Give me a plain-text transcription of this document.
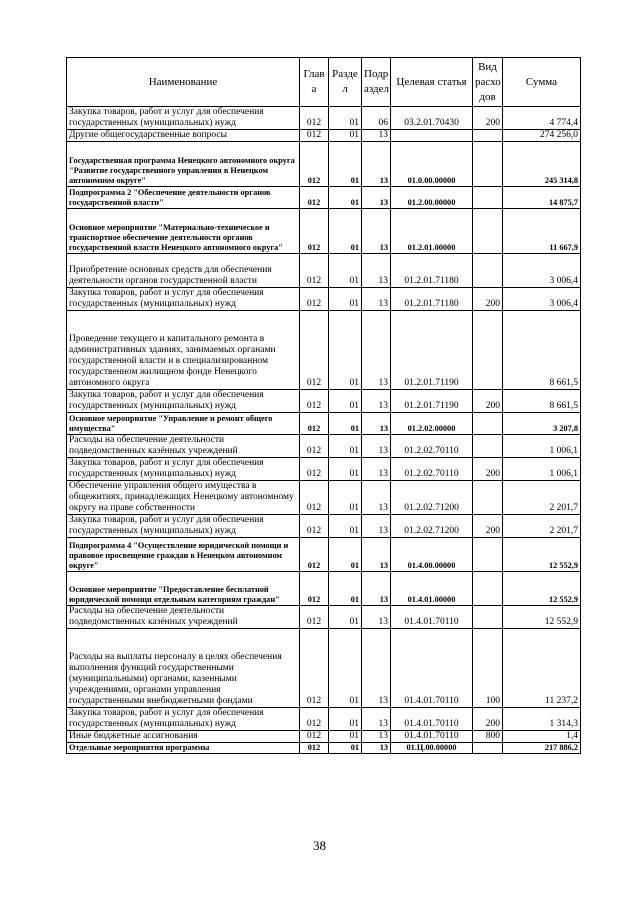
Наименование	Глав а	Разде л	Подр аздел	Целевая статья	Вид расхо дов	Сумма
Закупка товаров, работ и услуг для обеспечения государственных (муниципальных) нужд	012	01	06	03.2.01.70430	200	4 774,4
Другие общегосударственные вопросы	012	01	13			274 256,0
Государственная программа Ненецкого автономного округа "Развитие государственного управления в Ненецком автономном округе"	012	01	13	01.0.00.00000		245 314,8
Подпрограмма 2 "Обеспечение деятельности органов государственной власти"	012	01	13	01.2.00.00000		14 875,7
Основное мероприятие "Материально-техническое и транспортное обеспечение деятельности органов государственной власти Ненецкого автономного округа"	012	01	13	01.2.01.00000		11 667,9
Приобретение основных средств для обеспечения деятельности органов государственной власти	012	01	13	01.2.01.71180		3 006,4
Закупка товаров, работ и услуг для обеспечения государственных (муниципальных) нужд	012	01	13	01.2.01.71180	200	3 006,4
Проведение текущего и капитального ремонта в административных зданиях, занимаемых органами государственной власти и в специализированном государственном жилищном фонде Ненецкого автономного округа	012	01	13	01.2.01.71190		8 661,5
Закупка товаров, работ и услуг для обеспечения государственных (муниципальных) нужд	012	01	13	01.2.01.71190	200	8 661,5
Основное мероприятие "Управление и ремонт общего имущества"	012	01	13	01.2.02.00000		3 207,8
Расходы на обеспечение деятельности подведомственных казённых учреждений	012	01	13	01.2.02.70110		1 006,1
Закупка товаров, работ и услуг для обеспечения государственных (муниципальных) нужд	012	01	13	01.2.02.70110	200	1 006,1
Обеспечение управления общего имущества в общежитиях, принадлежащих Ненецкому автономному округу на праве собственности	012	01	13	01.2.02.71200		2 201,7
Закупка товаров, работ и услуг для обеспечения государственных (муниципальных) нужд	012	01	13	01.2.02.71200	200	2 201,7
Подпрограмма 4 "Осуществление юридической помощи и правовое просвещение граждан в Ненецком автономном округе"	012	01	13	01.4.00.00000		12 552,9
Основное мероприятие "Предоставление бесплатной юридической помощи отдельным категориям граждан"	012	01	13	01.4.01.00000		12 552,9
Расходы на обеспечение деятельности подведомственных казённых учреждений	012	01	13	01.4.01.70110		12 552,9
Расходы на выплаты персоналу в целях обеспечения выполнения функций государственными (муниципальными) органами, казенными учреждениями, органами управления государственными внебюджетными фондами	012	01	13	01.4.01.70110	100	11 237,2
Закупка товаров, работ и услуг для обеспечения государственных (муниципальных) нужд	012	01	13	01.4.01.70110	200	1 314,3
Иные бюджетные ассигнования	012	01	13	01.4.01.70110	800	1,4
Отдельные мероприятия программы	012	01	13	01.Ц.00.00000		217 886,2
38
